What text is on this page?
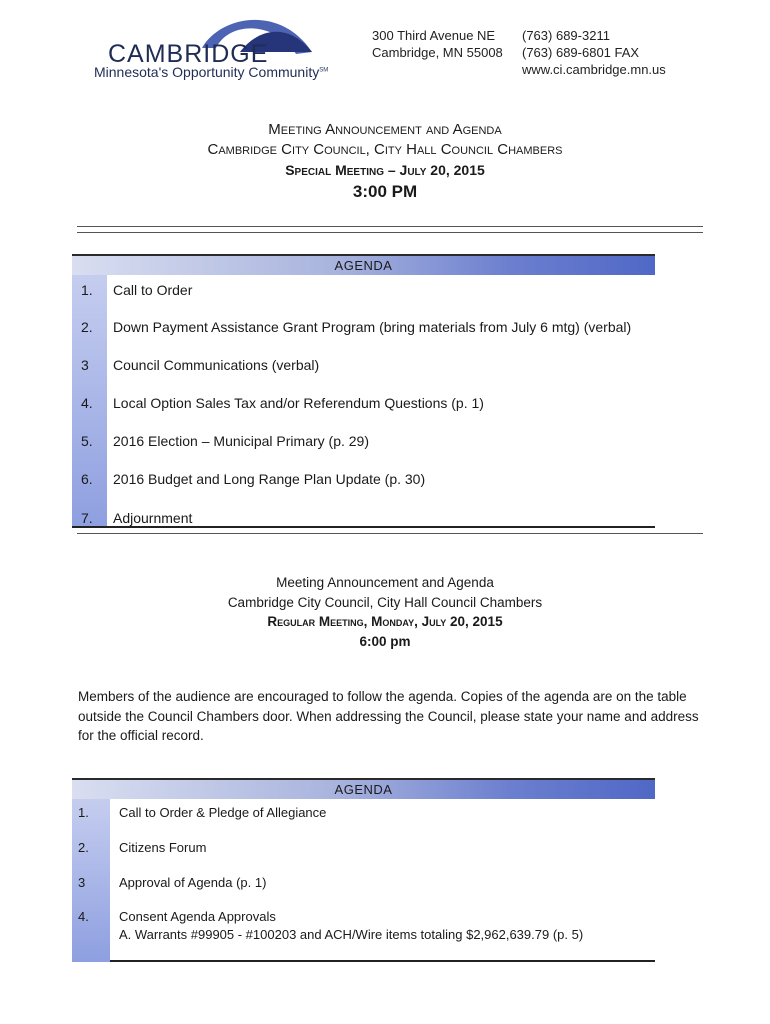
CAMBRIDGE
Minnesota's Opportunity Community℠
300 Third Avenue NE
Cambridge, MN 55008
(763) 689-3211
(763) 689-6801 FAX
www.ci.cambridge.mn.us
Meeting Announcement and Agenda
Cambridge City Council, City Hall Council Chambers
Special Meeting – July 20, 2015
3:00 PM
AGENDA
1.	Call to Order
2.	Down Payment Assistance Grant Program (bring materials from July 6 mtg) (verbal)
3	Council Communications (verbal)
4.	Local Option Sales Tax and/or Referendum Questions (p. 1)
5.	2016 Election – Municipal Primary (p. 29)
6.	2016 Budget and Long Range Plan Update (p. 30)
7.	Adjournment
Meeting Announcement and Agenda
Cambridge City Council, City Hall Council Chambers
Regular Meeting, Monday, July 20, 2015
6:00 pm
Members of the audience are encouraged to follow the agenda. Copies of the agenda are on the table outside the Council Chambers door. When addressing the Council, please state your name and address for the official record.
AGENDA
1.	Call to Order & Pledge of Allegiance
2.	Citizens Forum
3	Approval of Agenda (p. 1)
4.	Consent Agenda Approvals
A. Warrants #99905 - #100203 and ACH/Wire items totaling $2,962,639.79 (p. 5)
